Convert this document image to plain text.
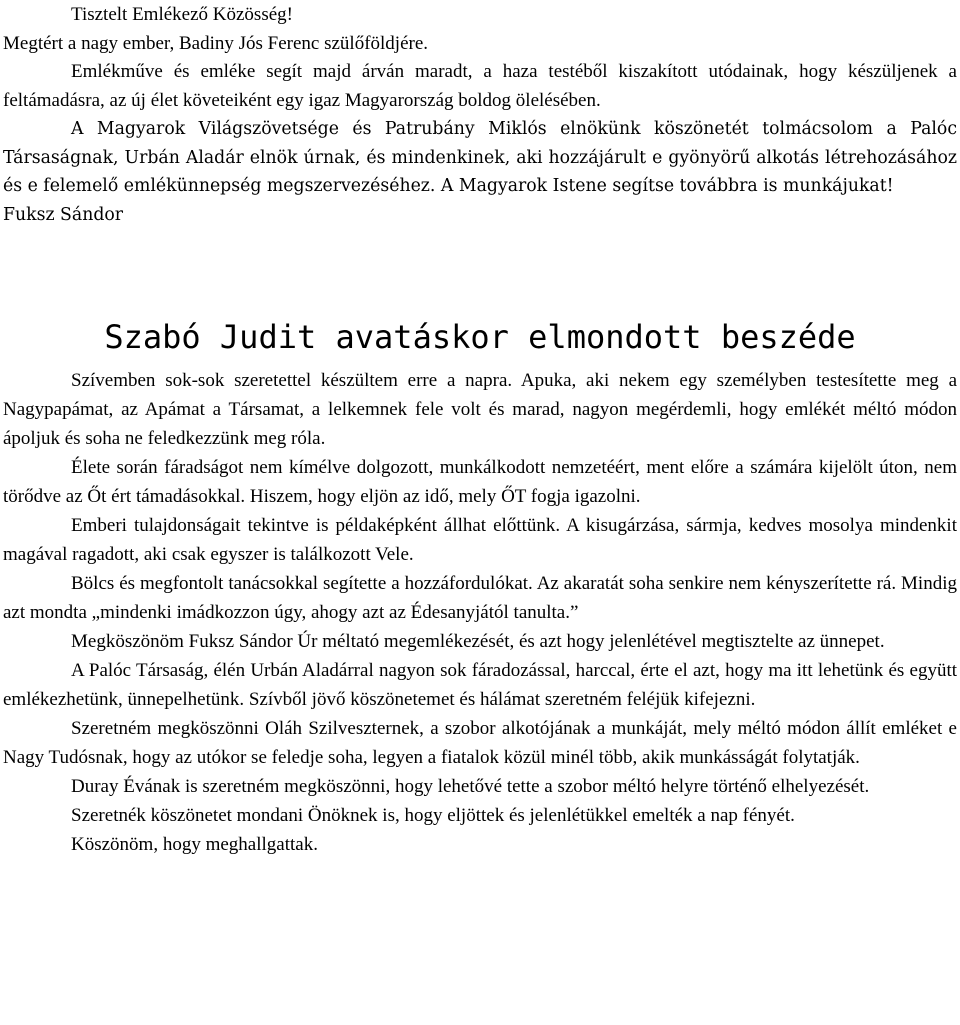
Tisztelt Emlékező Közösség!

Megtért a nagy ember, Badiny Jós Ferenc szülőföldjére.

Emlékműve és emléke segít majd árván maradt, a haza testéből kiszakított utódainak, hogy készüljenek a feltámadásra, az új élet követeiként egy igaz Magyarország boldog ölelésében.

A Magyarok Világszövetsége és Patrubány Miklós elnökünk köszönetét tolmácsolom a Palóc Társaságnak, Urbán Aladár elnök úrnak, és mindenkinek, aki hozzájárult e gyönyörű alkotás létrehozásához és e felemelő emlékünnepség megszervezéséhez. A Magyarok Istene segítse továbbra is munkájukat!

Fuksz Sándor

Szabó Judit avatáskor elmondott beszéde

Szívemben sok-sok szeretettel készültem erre a napra. Apuka, aki nekem egy személyben testesítette meg a Nagypapámat, az Apámat a Társamat, a lelkemnek fele volt és marad, nagyon megérdemli, hogy emlékét méltó módon ápoljuk és soha ne feledkezzünk meg róla.

Élete során fáradságot nem kímélve dolgozott, munkálkodott nemzetéért, ment előre a számára kijelölt úton, nem törődve az Őt ért támadásokkal. Hiszem, hogy eljön az idő, mely ŐT fogja igazolni.

Emberi tulajdonságait tekintve is példaképként állhat előttünk. A kisugárzása, sármja, kedves mosolya mindenkit magával ragadott, aki csak egyszer is találkozott Vele.

Bölcs és megfontolt tanácsokkal segítette a hozzáfordulókat. Az akaratát soha senkire nem kényszerítette rá. Mindig azt mondta „mindenki imádkozzon úgy, ahogy azt az Édesanyjától tanulta.”

Megköszönöm Fuksz Sándor Úr méltató megemlékezését, és azt hogy jelenlétével megtisztelte az ünnepet.

A Palóc Társaság, élén Urbán Aladárral nagyon sok fáradozással, harccal, érte el azt, hogy ma itt lehetünk és együtt emlékezhetünk, ünnepelhetünk. Szívből jövő köszönetemet és hálámat szeretném feléjük kifejezni.

Szeretném megköszönni Oláh Szilveszternek, a szobor alkotójának a munkáját, mely méltó módon állít emléket e Nagy Tudósnak, hogy az utókor se feledje soha, legyen a fiatalok közül minél több, akik munkásságát folytatják.

Duray Évának is szeretném megköszönni, hogy lehetővé tette a szobor méltó helyre történő elhelyezését.

Szeretnék köszönetet mondani Önöknek is, hogy eljöttek és jelenlétükkel emelték a nap fényét.

Köszönöm, hogy meghallgattak.
